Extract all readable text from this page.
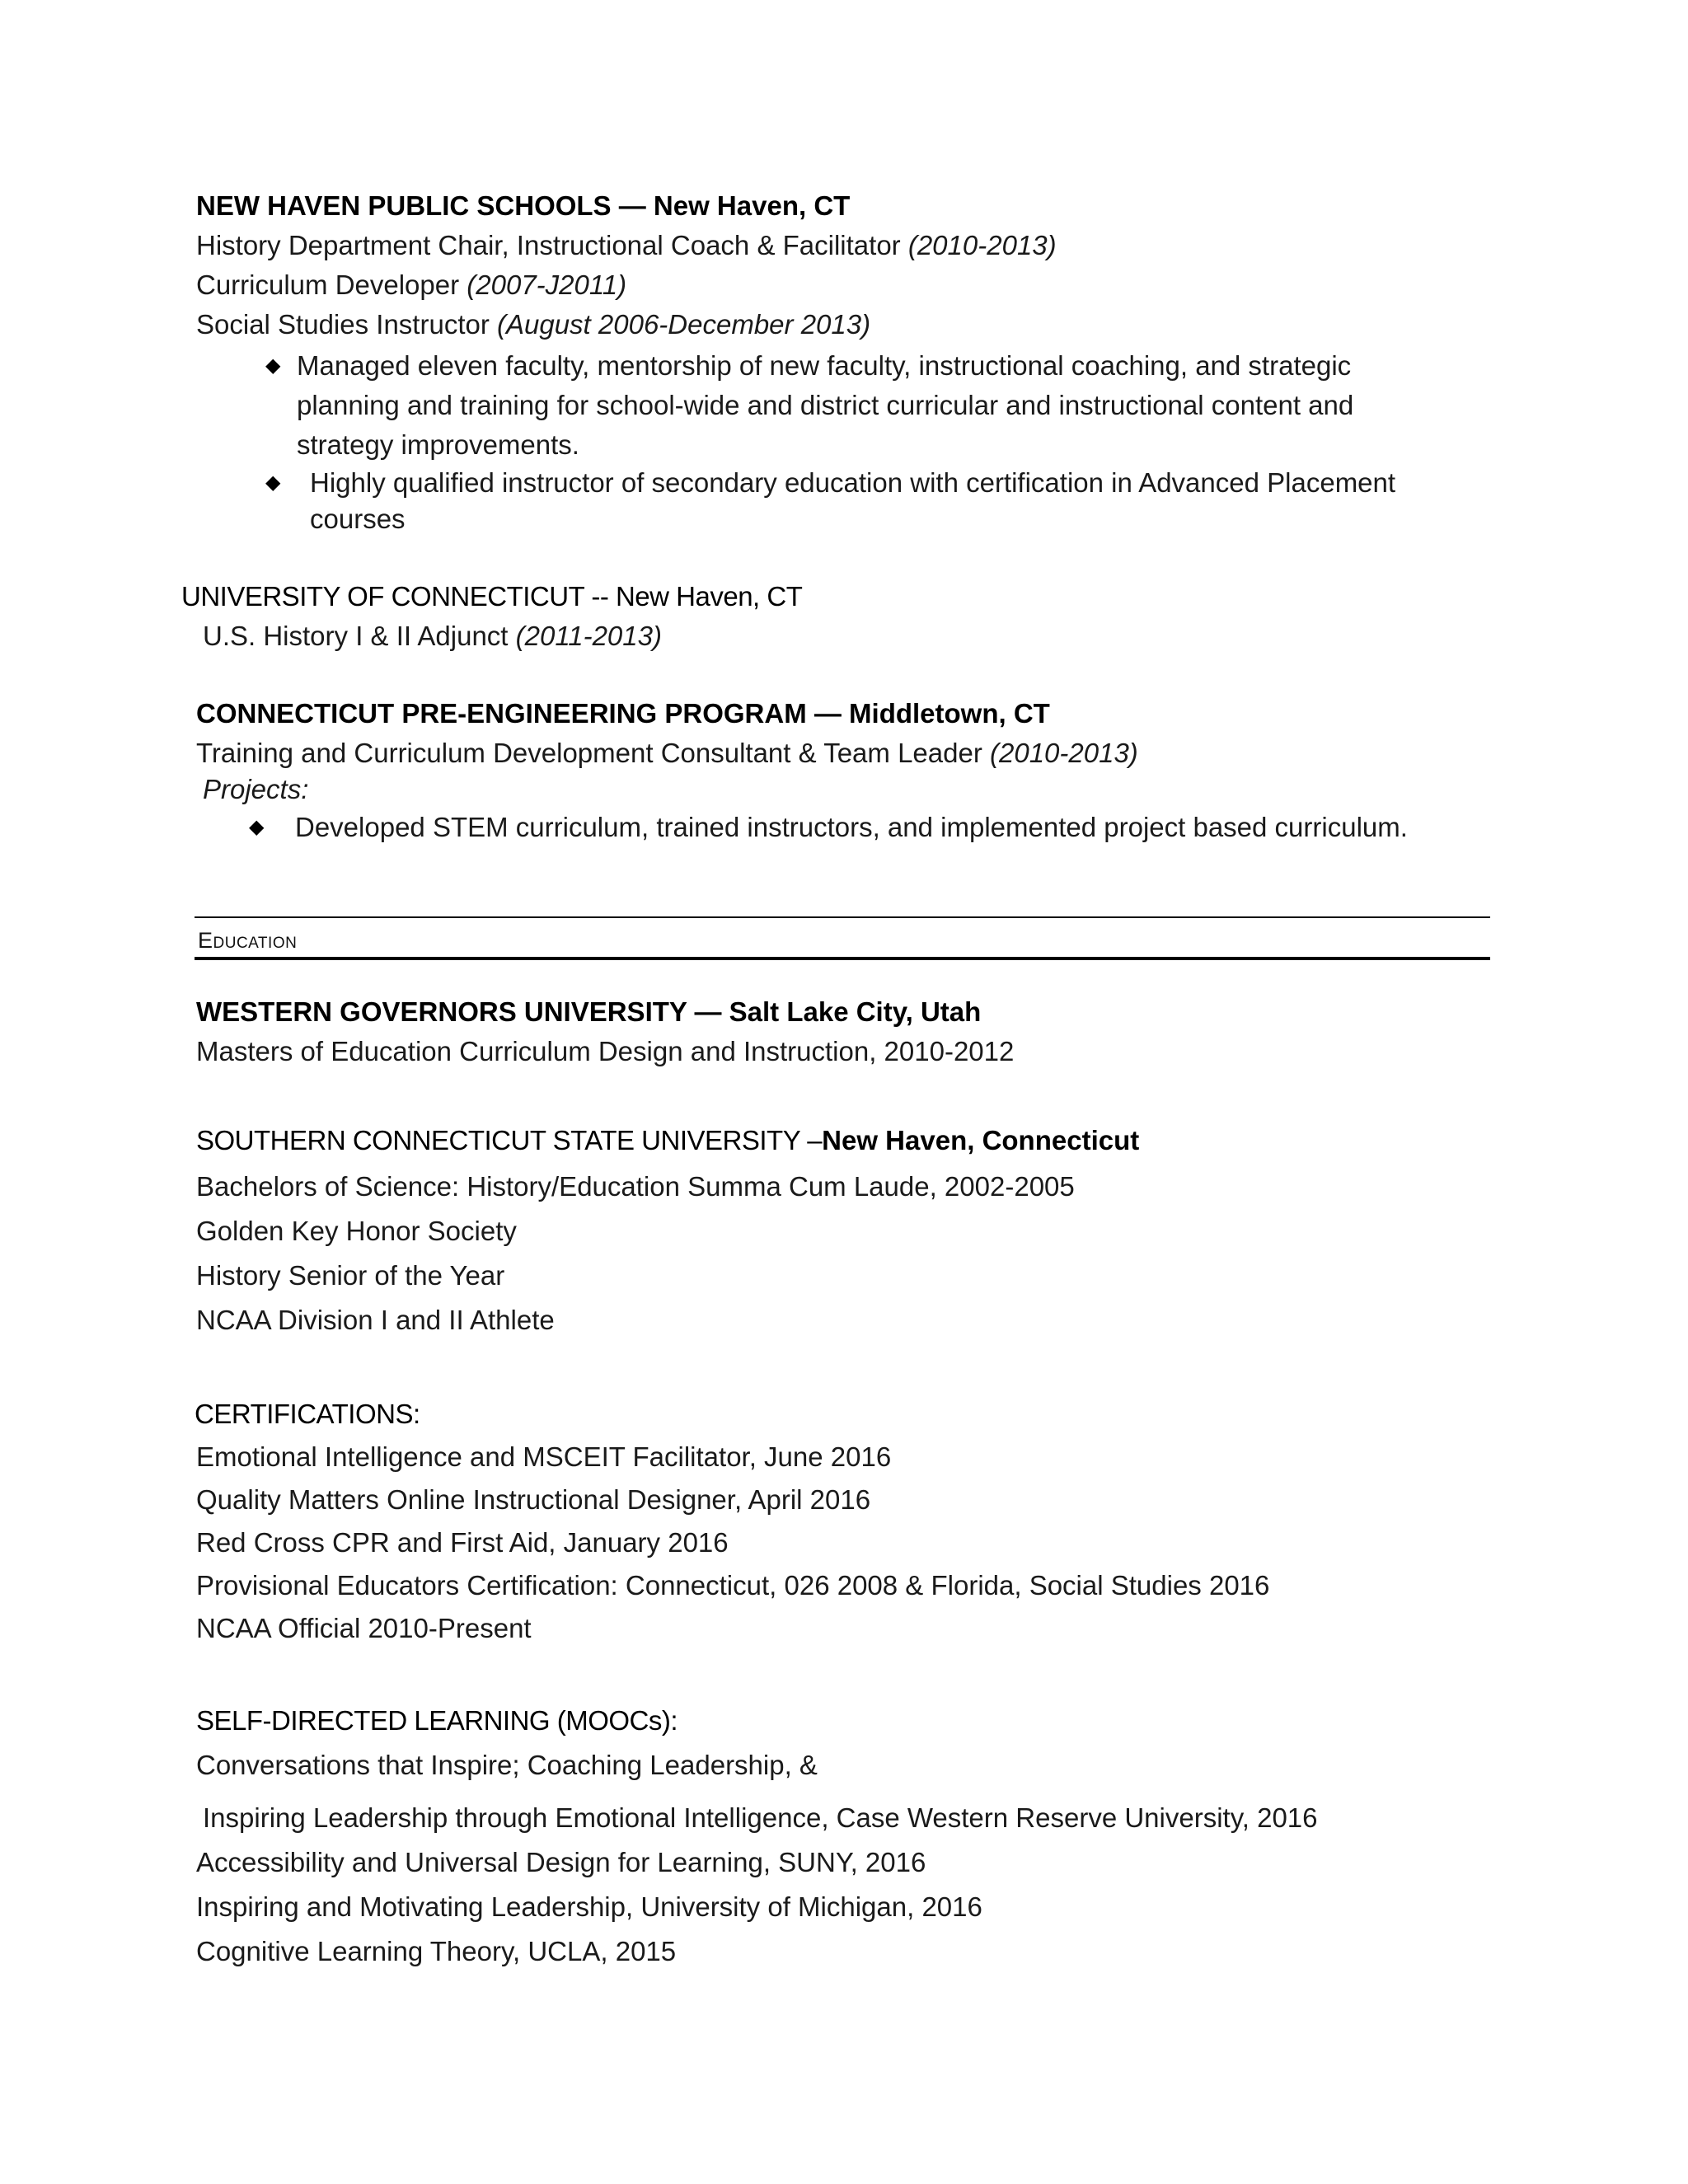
NEW HAVEN PUBLIC SCHOOLS — New Haven, CT
History Department Chair, Instructional Coach & Facilitator (2010-2013)
Curriculum Developer (2007-J2011)
Social Studies Instructor (August 2006-December 2013)
◆ Managed eleven faculty, mentorship of new faculty, instructional coaching, and strategic
planning and training for school-wide and district curricular and instructional content and
strategy improvements.
◆ Highly qualified instructor of secondary education with certification in Advanced Placement
courses
UNIVERSITY OF CONNECTICUT -- New Haven, CT
U.S. History I & II Adjunct (2011-2013)
CONNECTICUT PRE-ENGINEERING PROGRAM — Middletown, CT
Training and Curriculum Development Consultant & Team Leader (2010-2013)
Projects:
◆ Developed STEM curriculum, trained instructors, and implemented project based curriculum.
Education
WESTERN GOVERNORS UNIVERSITY — Salt Lake City, Utah
Masters of Education Curriculum Design and Instruction, 2010-2012
SOUTHERN CONNECTICUT STATE UNIVERSITY –New Haven, Connecticut
Bachelors of Science: History/Education Summa Cum Laude, 2002-2005
Golden Key Honor Society
History Senior of the Year
NCAA Division I and II Athlete
CERTIFICATIONS:
Emotional Intelligence and MSCEIT Facilitator, June 2016
Quality Matters Online Instructional Designer, April 2016
Red Cross CPR and First Aid, January 2016
Provisional Educators Certification: Connecticut, 026 2008 & Florida, Social Studies 2016
NCAA Official 2010-Present
SELF-DIRECTED LEARNING (MOOCs):
Conversations that Inspire; Coaching Leadership, &
Inspiring Leadership through Emotional Intelligence, Case Western Reserve University, 2016
Accessibility and Universal Design for Learning, SUNY, 2016
Inspiring and Motivating Leadership, University of Michigan, 2016
Cognitive Learning Theory, UCLA, 2015
